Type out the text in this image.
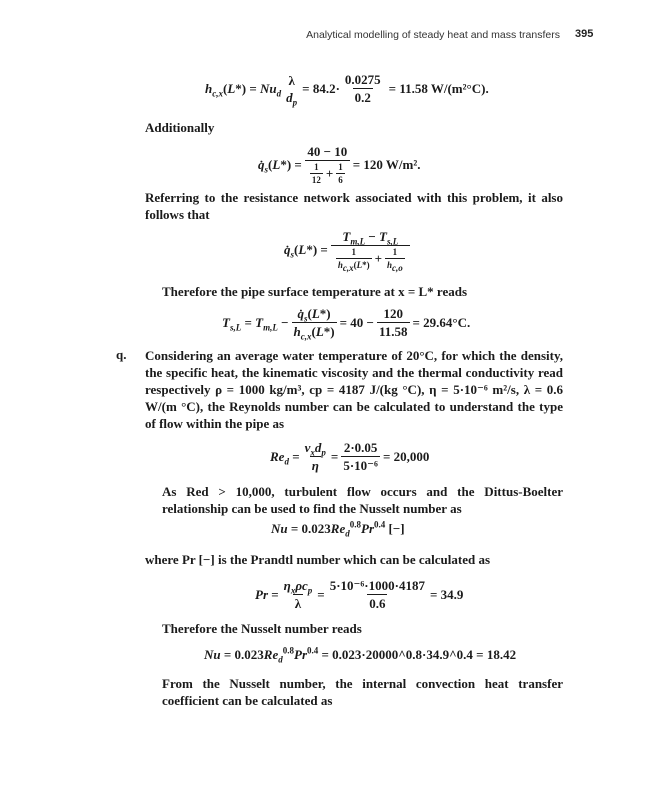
Analytical modelling of steady heat and mass transfers 395
$h_{c,x}(L*) = Nu_d$
λ
$d_p$
= $84.2\cdot \frac{0.0275}{0.2} = 11.58$ W/(m²°C).
Additionally
$q̇_s(L*)$ =
40 − 10
$\frac{1}{12} + \frac{1}{6} = 120$ W/m².
Referring to the resistance network associated with this problem, it also follows that
$q̇_s(L*)$ =
$T_{m,L} - T_{s,L}$
$\frac{1}{h_{c,x}(L*)} + \frac{1}{h_{c,o}}$
Therefore the pipe surface temperature at x = L* reads
$T_{s,L} = T_{m,L} - \frac{q̇_s(L*)}{h_{c,x}(L*)} = 40 - \frac{120}{11.58} = 29.64^\circ C$.
q. Considering an average water temperature of 20°C, for which the density, the specific heat, the kinematic viscosity and the thermal conductivity read respectively ρ = 1000 kg/m³, cp = 4187 J/(kg °C), η = 5·10⁻⁶ m²/s, λ = 0.6 W/(m °C), the Reynolds number can be calculated to understand the type of flow within the pipe as
$Re_d = \frac{v_xd_p}{\eta} = \frac{2\cdot 0.05}{\text{5·10⁻⁶}} = 20,000$
As Red > 10,000, turbulent flow occurs and the Dittus-Boelter relationship can be used to find the Nusselt number as
$Nu = 0.023Re_d^{0.8}Pr^{0.4}$ [−]
where Pr [−] is the Prandtl number which can be calculated as
$Pr = \frac{\eta_x\rho c_p}{\lambda} = \frac{\text{5·10⁻⁶·1000·4187}}{0.6} = 34.9$
Therefore the Nusselt number reads
$Nu = 0.023Re_d^{0.8}Pr^{0.4}$ = 0.023·20000^0.8·34.9^0.4 = 18.42
From the Nusselt number, the internal convection heat transfer coefficient can be calculated as
